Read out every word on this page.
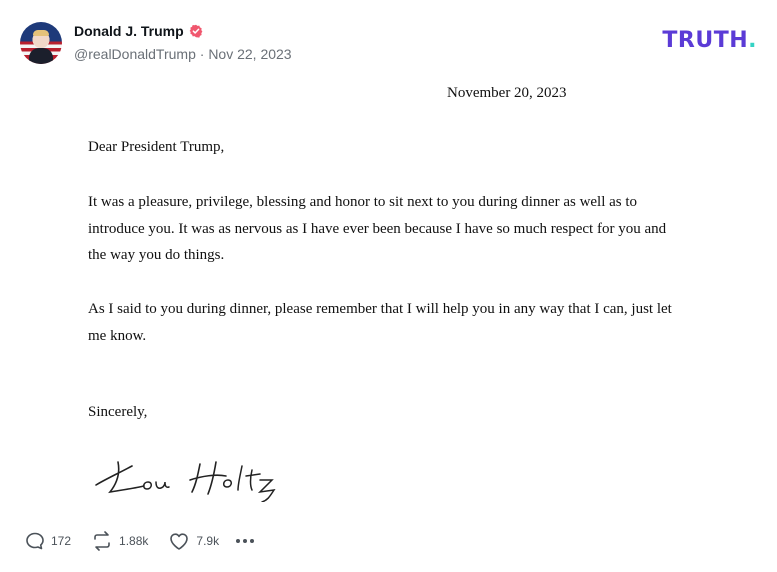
Donald J. Trump
@realDonaldTrump · Nov 22, 2023
TRUTH.
November 20, 2023
Dear President Trump,
It was a pleasure, privilege, blessing and honor to sit next to you during dinner as well as to introduce you. It was as nervous as I have ever been because I have so much respect for you and the way you do things.
As I said to you during dinner, please remember that I will help you in any way that I can, just let me know.
Sincerely,
172	1.88k	7.9k
